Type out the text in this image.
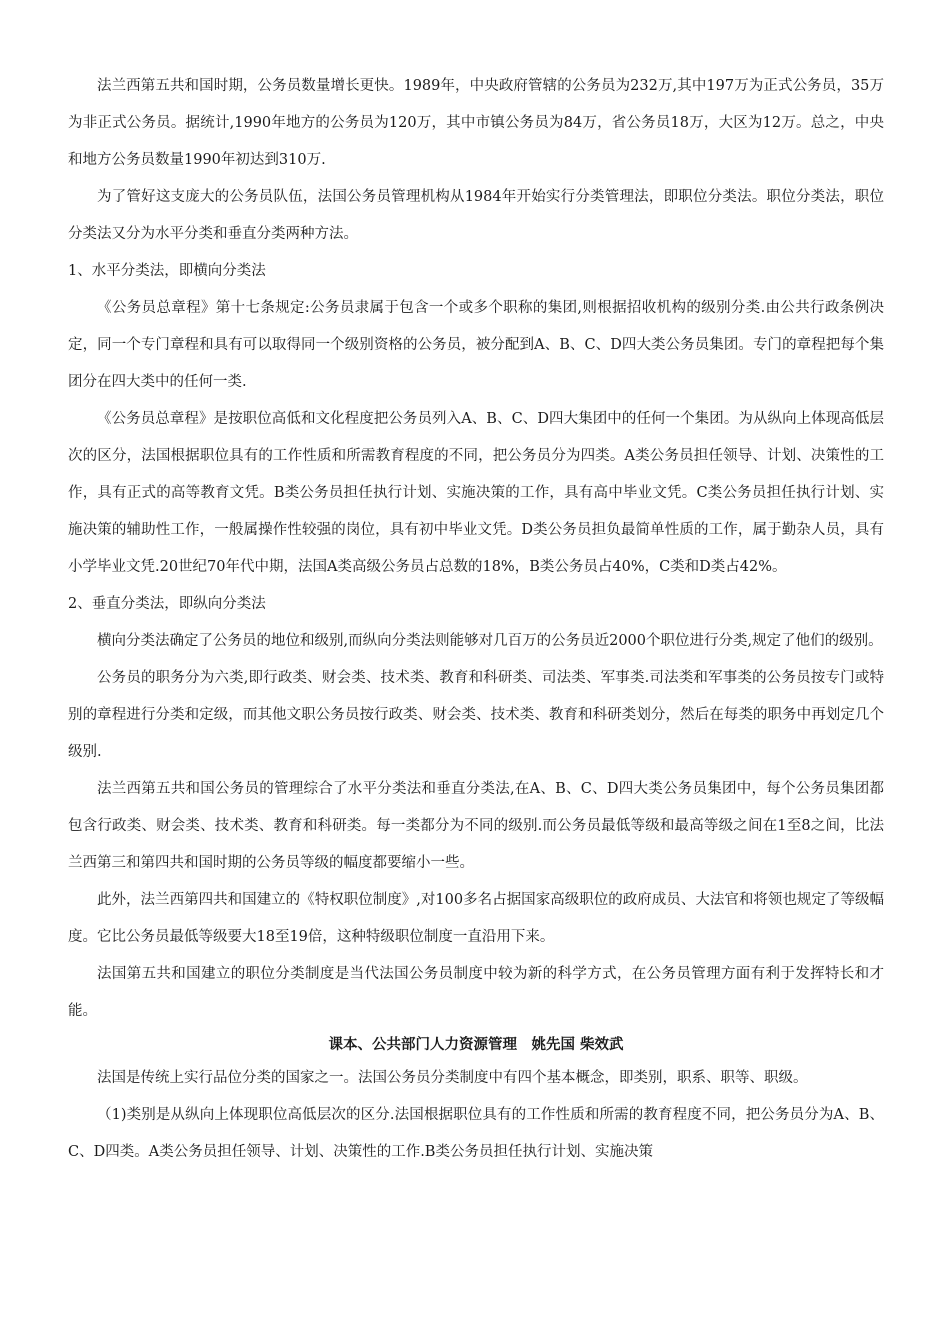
法兰西第五共和国时期，公务员数量增长更快。1989年，中央政府管辖的公务员为232万,其中197万为正式公务员，35万为非正式公务员。据统计,1990年地方的公务员为120万，其中市镇公务员为84万，省公务员18万，大区为12万。总之，中央和地方公务员数量1990年初达到310万.

为了管好这支庞大的公务员队伍，法国公务员管理机构从1984年开始实行分类管理法，即职位分类法。职位分类法，职位分类法又分为水平分类和垂直分类两种方法。

1、水平分类法，即横向分类法

《公务员总章程》第十七条规定:公务员隶属于包含一个或多个职称的集团,则根据招收机构的级别分类.由公共行政条例决定，同一个专门章程和具有可以取得同一个级别资格的公务员，被分配到A、B、C、D四大类公务员集团。专门的章程把每个集团分在四大类中的任何一类.

《公务员总章程》是按职位高低和文化程度把公务员列入A、B、C、D四大集团中的任何一个集团。为从纵向上体现高低层次的区分，法国根据职位具有的工作性质和所需教育程度的不同，把公务员分为四类。A类公务员担任领导、计划、决策性的工作，具有正式的高等教育文凭。B类公务员担任执行计划、实施决策的工作，具有高中毕业文凭。C类公务员担任执行计划、实施决策的辅助性工作，一般属操作性较强的岗位，具有初中毕业文凭。D类公务员担负最简单性质的工作，属于勤杂人员，具有小学毕业文凭.20世纪70年代中期，法国A类高级公务员占总数的18%，B类公务员占40%，C类和D类占42%。

2、垂直分类法，即纵向分类法

横向分类法确定了公务员的地位和级别,而纵向分类法则能够对几百万的公务员近2000个职位进行分类,规定了他们的级别。

公务员的职务分为六类,即行政类、财会类、技术类、教育和科研类、司法类、军事类.司法类和军事类的公务员按专门或特别的章程进行分类和定级，而其他文职公务员按行政类、财会类、技术类、教育和科研类划分，然后在每类的职务中再划定几个级别.

法兰西第五共和国公务员的管理综合了水平分类法和垂直分类法,在A、B、C、D四大类公务员集团中，每个公务员集团都包含行政类、财会类、技术类、教育和科研类。每一类都分为不同的级别.而公务员最低等级和最高等级之间在1至8之间，比法兰西第三和第四共和国时期的公务员等级的幅度都要缩小一些。

此外，法兰西第四共和国建立的《特权职位制度》,对100多名占据国家高级职位的政府成员、大法官和将领也规定了等级幅度。它比公务员最低等级要大18至19倍，这种特级职位制度一直沿用下来。

法国第五共和国建立的职位分类制度是当代法国公务员制度中较为新的科学方式，在公务员管理方面有利于发挥特长和才能。

课本、公共部门人力资源管理　姚先国 柴效武

法国是传统上实行品位分类的国家之一。法国公务员分类制度中有四个基本概念，即类别，职系、职等、职级。

（1)类别是从纵向上体现职位高低层次的区分.法国根据职位具有的工作性质和所需的教育程度不同，把公务员分为A、B、C、D四类。A类公务员担任领导、计划、决策性的工作.B类公务员担任执行计划、实施决策
